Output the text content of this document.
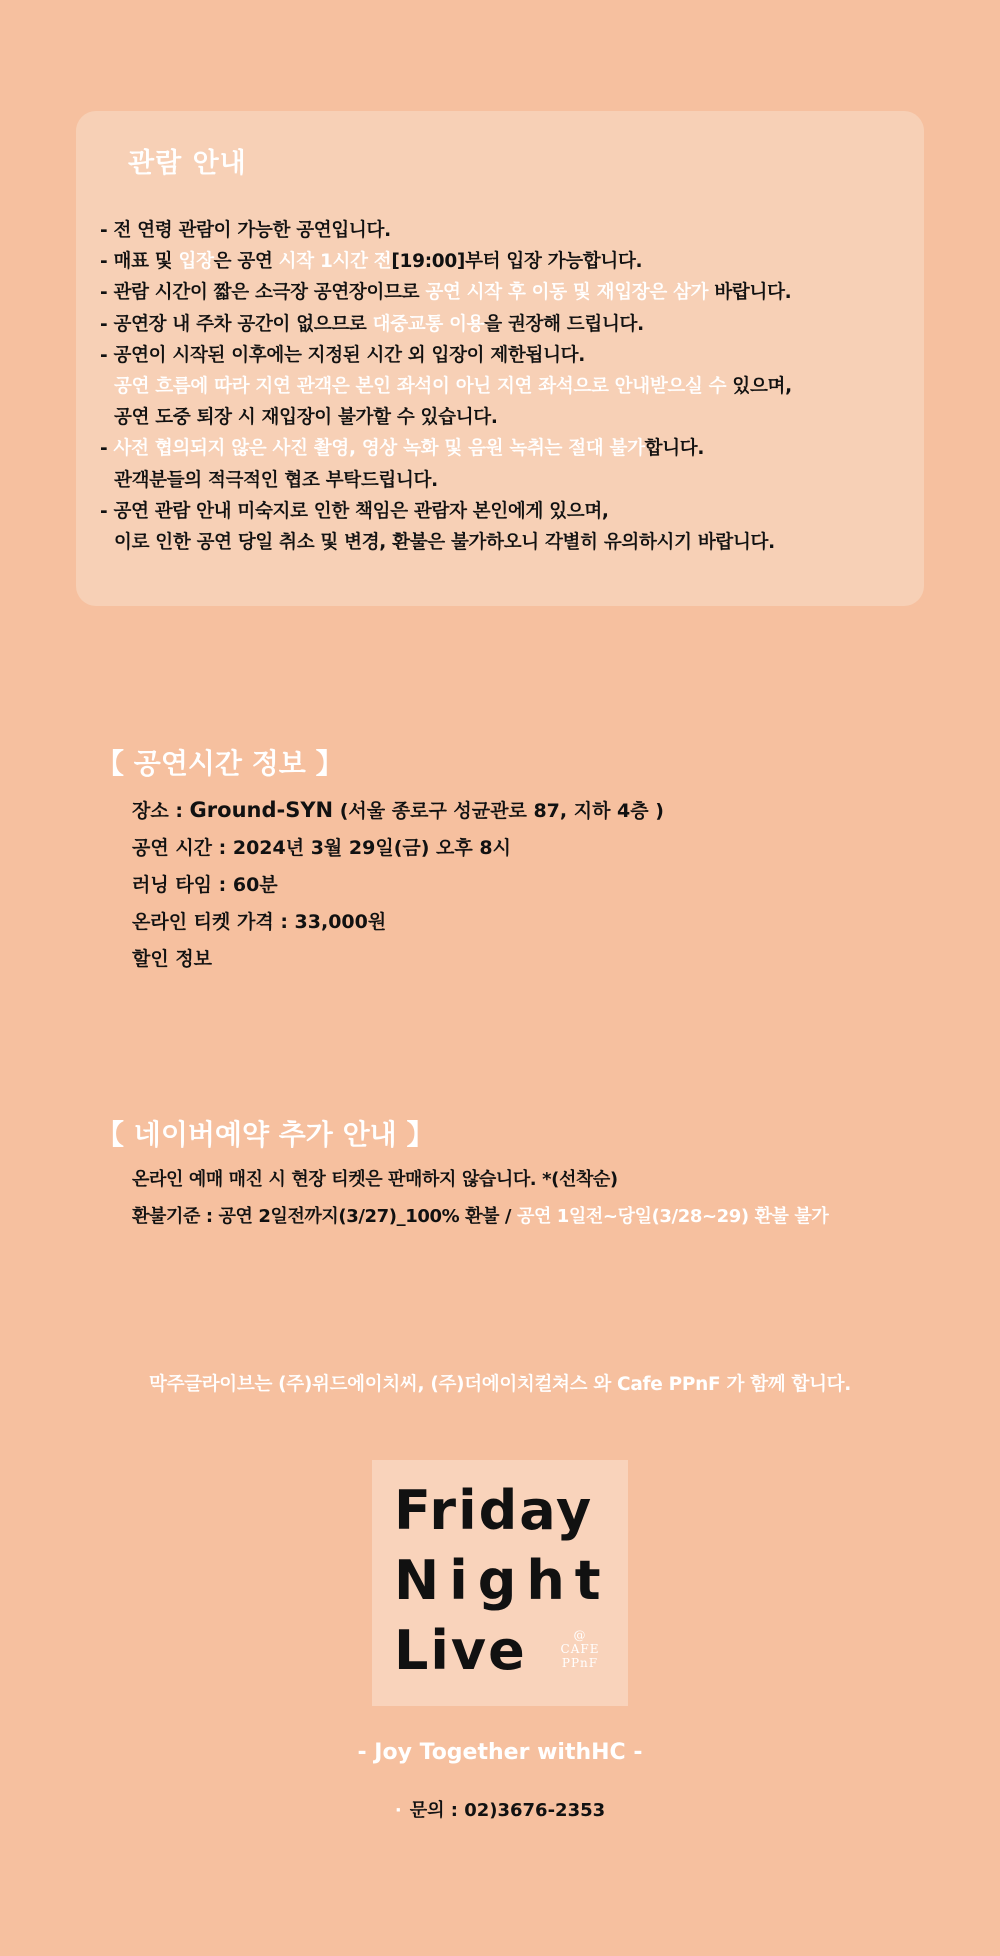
관람 안내
- 전 연령 관람이 가능한 공연입니다.
- 매표 및 입장은 공연 시작 1시간 전[19:00]부터 입장 가능합니다.
- 관람 시간이 짧은 소극장 공연장이므로 공연 시작 후 이동 및 재입장은 삼가 바랍니다.
- 공연장 내 주차 공간이 없으므로 대중교통 이용을 권장해 드립니다.
- 공연이 시작된 이후에는 지정된 시간 외 입장이 제한됩니다.
공연 흐름에 따라 지연 관객은 본인 좌석이 아닌 지연 좌석으로 안내받으실 수 있으며,
공연 도중 퇴장 시 재입장이 불가할 수 있습니다.
- 사전 협의되지 않은 사진 촬영, 영상 녹화 및 음원 녹취는 절대 불가합니다.
관객분들의 적극적인 협조 부탁드립니다.
- 공연 관람 안내 미숙지로 인한 책임은 관람자 본인에게 있으며,
이로 인한 공연 당일 취소 및 변경, 환불은 불가하오니 각별히 유의하시기 바랍니다.
【 공연시간 정보 】
장소 : Ground-SYN (서울 종로구 성균관로 87, 지하 4층 )
공연 시간 : 2024년 3월 29일(금) 오후 8시
러닝 타임 : 60분
온라인 티켓 가격 : 33,000원
할인 정보
【 네이버예약 추가 안내 】
온라인 예매 매진 시 현장 티켓은 판매하지 않습니다. *(선착순)
환불기준 : 공연 2일전까지(3/27)_100% 환불 / 공연 1일전~당일(3/28~29) 환불 불가
막주글라이브는 (주)위드에이치씨, (주)더에이치컬쳐스 와 Cafe PPnF 가 함께 합니다.
Friday
Night
Live	@
CAFE
PPnF
- Joy Together withHC -
· 문의 : 02)3676-2353
